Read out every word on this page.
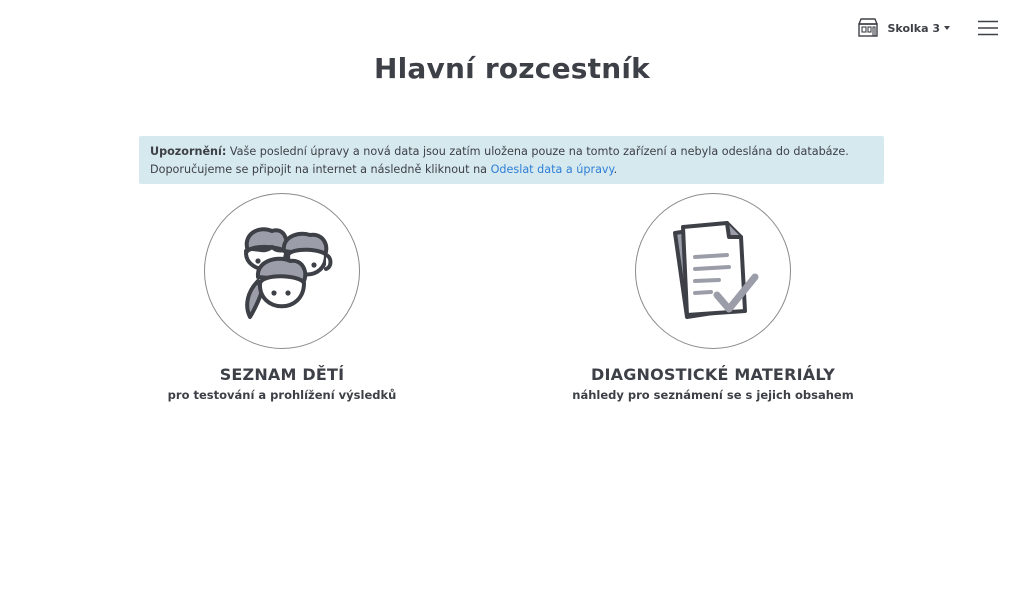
Skolka 3
Hlavní rozcestník
Upozornění: Vaše poslední úpravy a nová data jsou zatím uložena pouze na tomto zařízení a nebyla odeslána do databáze.
Doporučujeme se připojit na internet a následně kliknout na Odeslat data a úpravy.
SEZNAM DĚTÍ
pro testování a prohlížení výsledků
DIAGNOSTICKÉ MATERIÁLY
náhledy pro seznámení se s jejich obsahem
